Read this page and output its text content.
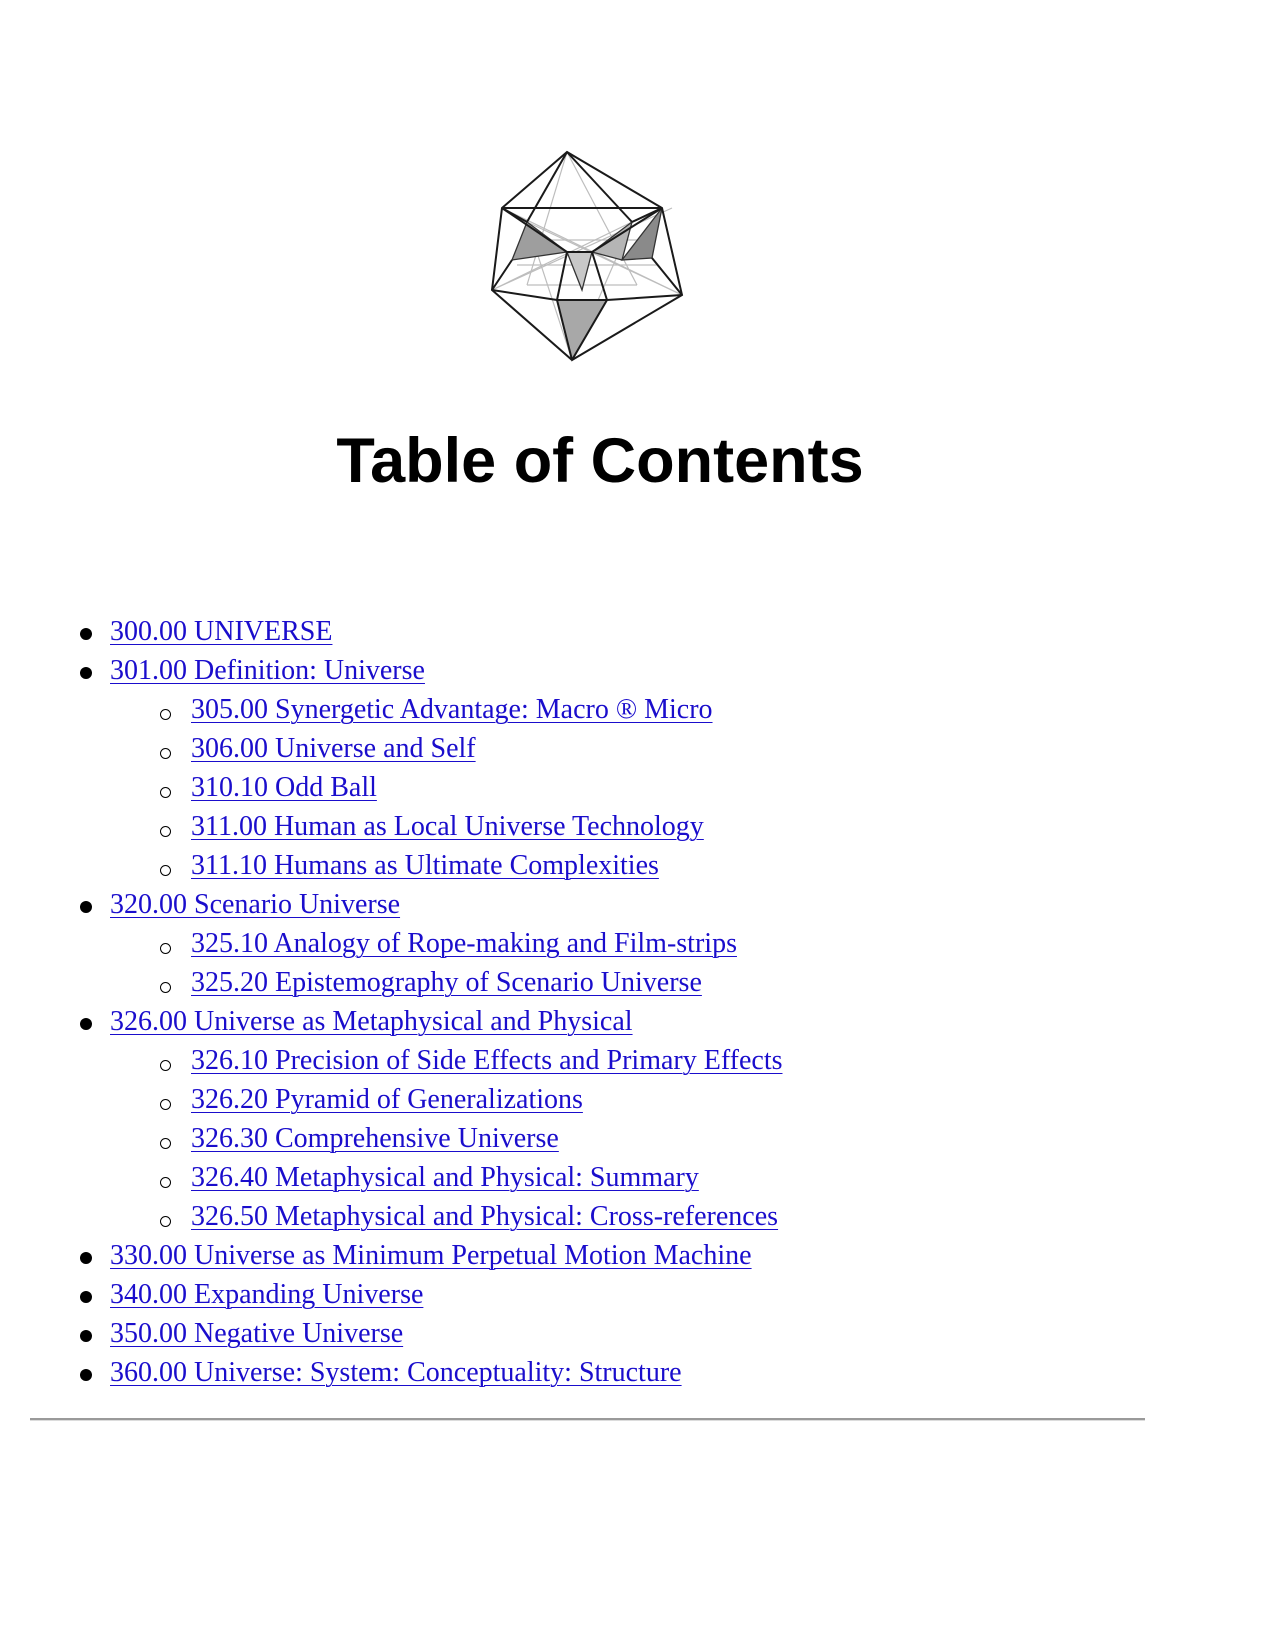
Table of Contents
300.00 UNIVERSE
301.00 Definition: Universe
305.00 Synergetic Advantage: Macro ® Micro
306.00 Universe and Self
310.10 Odd Ball
311.00 Human as Local Universe Technology
311.10 Humans as Ultimate Complexities
320.00 Scenario Universe
325.10 Analogy of Rope-making and Film-strips
325.20 Epistemography of Scenario Universe
326.00 Universe as Metaphysical and Physical
326.10 Precision of Side Effects and Primary Effects
326.20 Pyramid of Generalizations
326.30 Comprehensive Universe
326.40 Metaphysical and Physical: Summary
326.50 Metaphysical and Physical: Cross-references
330.00 Universe as Minimum Perpetual Motion Machine
340.00 Expanding Universe
350.00 Negative Universe
360.00 Universe: System: Conceptuality: Structure
